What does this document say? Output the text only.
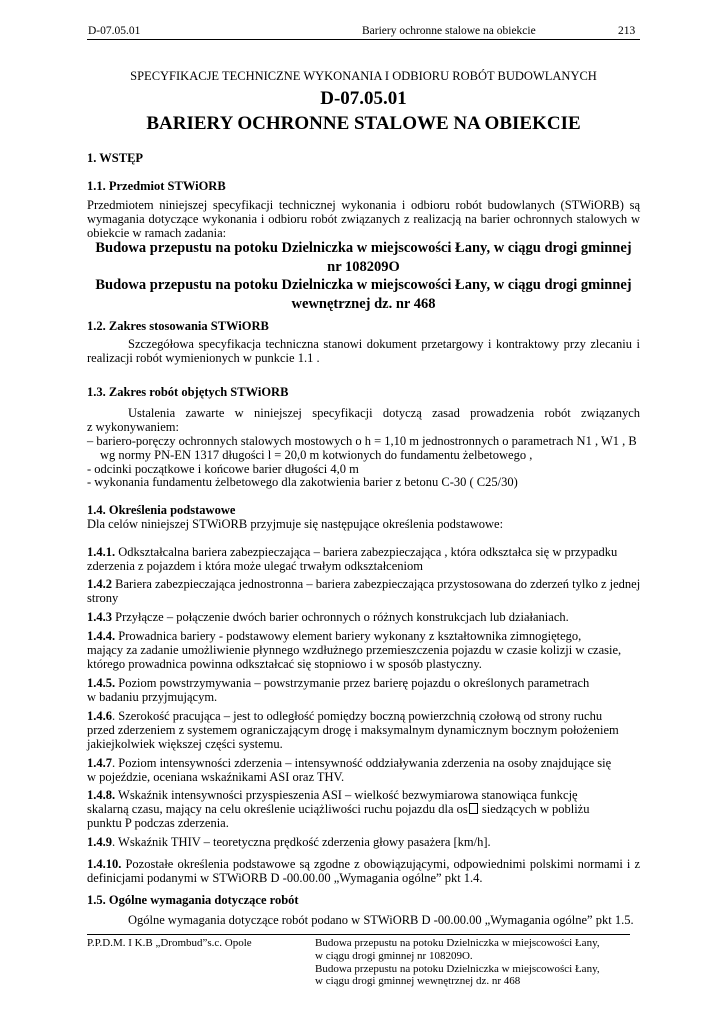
D-07.05.01	Bariery ochronne stalowe na obiekcie	213
SPECYFIKACJE TECHNICZNE WYKONANIA I ODBIORU ROBÓT BUDOWLANYCH
D-07.05.01
BARIERY OCHRONNE STALOWE NA OBIEKCIE
1. WSTĘP
1.1. Przedmiot STWiORB
Przedmiotem niniejszej specyfikacji technicznej wykonania i odbioru robót budowlanych (STWiORB) są wymagania dotyczące wykonania i odbioru robót związanych z realizacją na barier ochronnych stalowych w obiekcie w ramach zadania:
Budowa przepustu na potoku Dzielniczka w miejscowości Łany, w ciągu drogi gminnej
nr 108209O
Budowa przepustu na potoku Dzielniczka w miejscowości Łany, w ciągu drogi gminnej
wewnętrznej dz. nr 468
1.2. Zakres stosowania STWiORB
Szczegółowa specyfikacja techniczna stanowi dokument przetargowy i kontraktowy przy zlecaniu i realizacji robót wymienionych w punkcie 1.1 .
1.3. Zakres robót objętych STWiORB
Ustalenia zawarte w niniejszej specyfikacji dotyczą zasad prowadzenia robót związanych
z wykonywaniem:
– bariero-poręczy ochronnych stalowych mostowych o h = 1,10 m jednostronnych o parametrach N1 , W1 , B
wg normy PN-EN 1317 długości l = 20,0 m kotwionych do fundamentu żelbetowego ,
- odcinki początkowe i końcowe barier długości 4,0 m
- wykonania fundamentu żelbetowego dla zakotwienia barier z betonu C-30 ( C25/30)
1.4. Określenia podstawowe
Dla celów niniejszej STWiORB przyjmuje się następujące określenia podstawowe:
1.4.1. Odkształcalna bariera zabezpieczająca – bariera zabezpieczająca , która odkształca się w przypadku
zderzenia z pojazdem i która może ulegać trwałym odkształceniom
1.4.2 Bariera zabezpieczająca jednostronna – bariera zabezpieczająca przystosowana do zderzeń tylko z jednej
strony
1.4.3 Przyłącze – połączenie dwóch barier ochronnych o różnych konstrukcjach lub działaniach.
1.4.4. Prowadnica bariery - podstawowy element bariery wykonany z kształtownika zimnogiętego,
mający za zadanie umożliwienie płynnego wzdłużnego przemieszczenia pojazdu w czasie kolizji w czasie,
którego prowadnica powinna odkształcać się stopniowo i w sposób plastyczny.
1.4.5. Poziom powstrzymywania – powstrzymanie przez barierę pojazdu o określonych parametrach
w badaniu przyjmującym.
1.4.6. Szerokość pracująca – jest to odległość pomiędzy boczną powierzchnią czołową od strony ruchu
przed zderzeniem z systemem ograniczającym drogę i maksymalnym dynamicznym bocznym położeniem
jakiejkolwiek większej części systemu.
1.4.7. Poziom intensywności zderzenia – intensywność oddziaływania zderzenia na osoby znajdujące się
w pojeździe, oceniana wskaźnikami ASI oraz THV.
1.4.8. Wskaźnik intensywności przyspieszenia ASI – wielkość bezwymiarowa stanowiąca funkcję
skalarną czasu, mający na celu określenie uciążliwości ruchu pojazdu dla os siedzących w pobliżu
punktu P podczas zderzenia.
1.4.9. Wskaźnik THIV – teoretyczna prędkość zderzenia głowy pasażera [km/h].
1.4.10. Pozostałe określenia podstawowe są zgodne z obowiązującymi, odpowiednimi polskimi normami i z
definicjami podanymi w STWiORB D -00.00.00 „Wymagania ogólne” pkt 1.4.
1.5. Ogólne wymagania dotyczące robót
Ogólne wymagania dotyczące robót podano w STWiORB D -00.00.00 „Wymagania ogólne” pkt 1.5.
P.P.D.M. I K.B „Drombud”s.c. Opole	Budowa przepustu na potoku Dzielniczka w miejscowości Łany,
w ciągu drogi gminnej nr 108209O.
Budowa przepustu na potoku Dzielniczka w miejscowości Łany,
w ciągu drogi gminnej wewnętrznej dz. nr 468
